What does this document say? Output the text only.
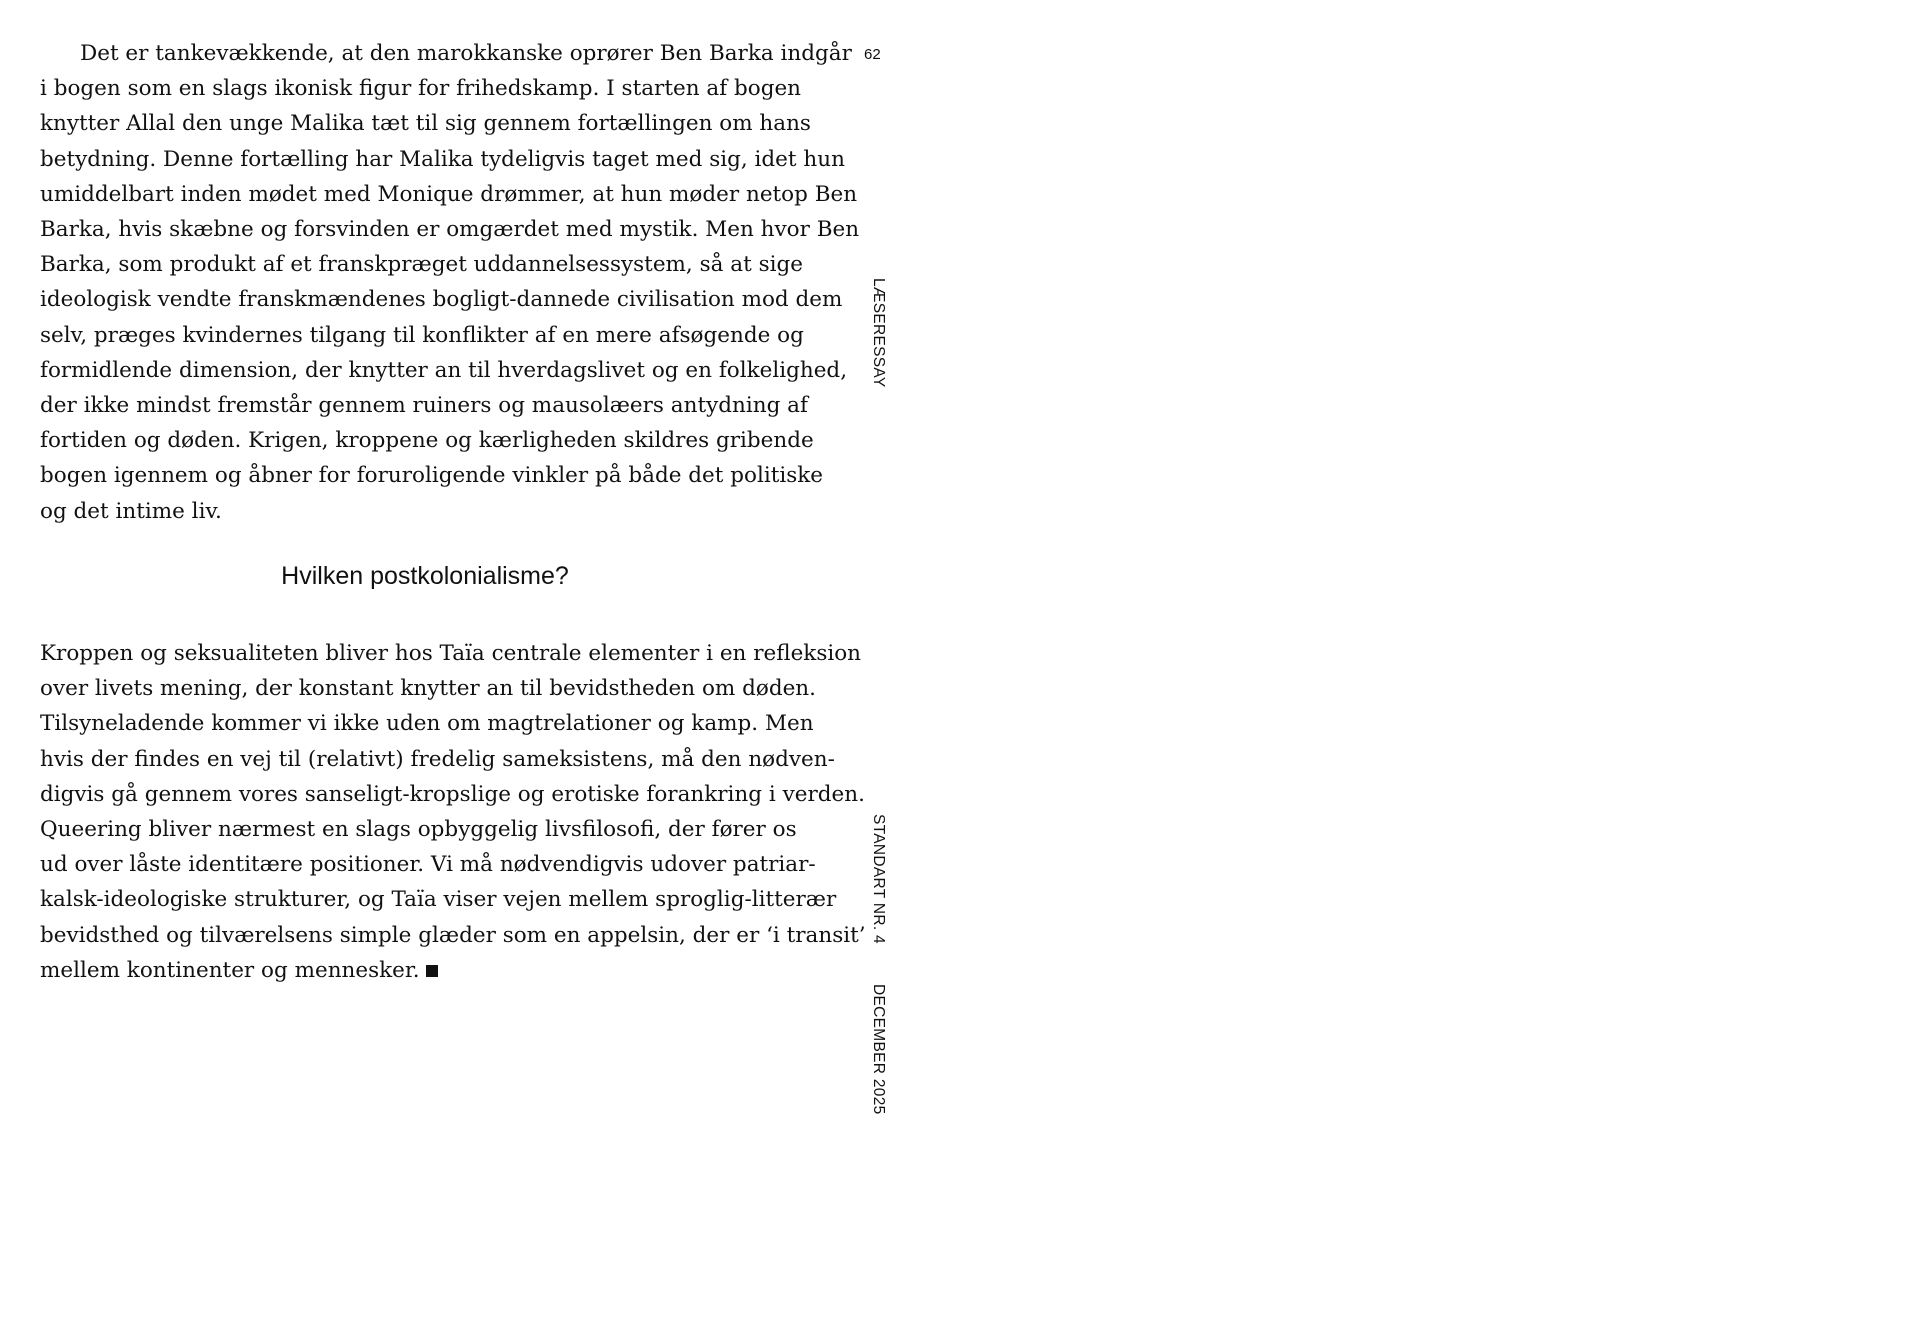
Det er tankevækkende, at den marokkanske oprører Ben Barka indgår
i bogen som en slags ikonisk figur for frihedskamp. I starten af bogen
knytter Allal den unge Malika tæt til sig gennem fortællingen om hans
betydning. Denne fortælling har Malika tydeligvis taget med sig, idet hun
umiddelbart inden mødet med Monique drømmer, at hun møder netop Ben
Barka, hvis skæbne og forsvinden er omgærdet med mystik. Men hvor Ben
Barka, som produkt af et franskpræget uddannelsessystem, så at sige
ideologisk vendte franskmændenes bogligt-dannede civilisation mod dem
selv, præges kvindernes tilgang til konflikter af en mere afsøgende og
formidlende dimension, der knytter an til hverdagslivet og en folkelighed,
der ikke mindst fremstår gennem ruiners og mausolæers antydning af
fortiden og døden. Krigen, kroppene og kærligheden skildres gribende
bogen igennem og åbner for foruroligende vinkler på både det politiske
og det intime liv.
Hvilken postkolonialisme?
Kroppen og seksualiteten bliver hos Taïa centrale elementer i en refleksion
over livets mening, der konstant knytter an til bevidstheden om døden.
Tilsyneladende kommer vi ikke uden om magtrelationer og kamp. Men
hvis der findes en vej til (relativt) fredelig sameksistens, må den nødven-
digvis gå gennem vores sanseligt-kropslige og erotiske forankring i verden.
Queering bliver nærmest en slags opbyggelig livsfilosofi, der fører os
ud over låste identitære positioner. Vi må nødvendigvis udover patriar-
kalsk-ideologiske strukturer, og Taïa viser vejen mellem sproglig-litterær
bevidsthed og tilværelsens simple glæder som en appelsin, der er ‘i transit’
mellem kontinenter og mennesker.
62
LÆSERESSAY
STANDART NR. 4
DECEMBER 2025
